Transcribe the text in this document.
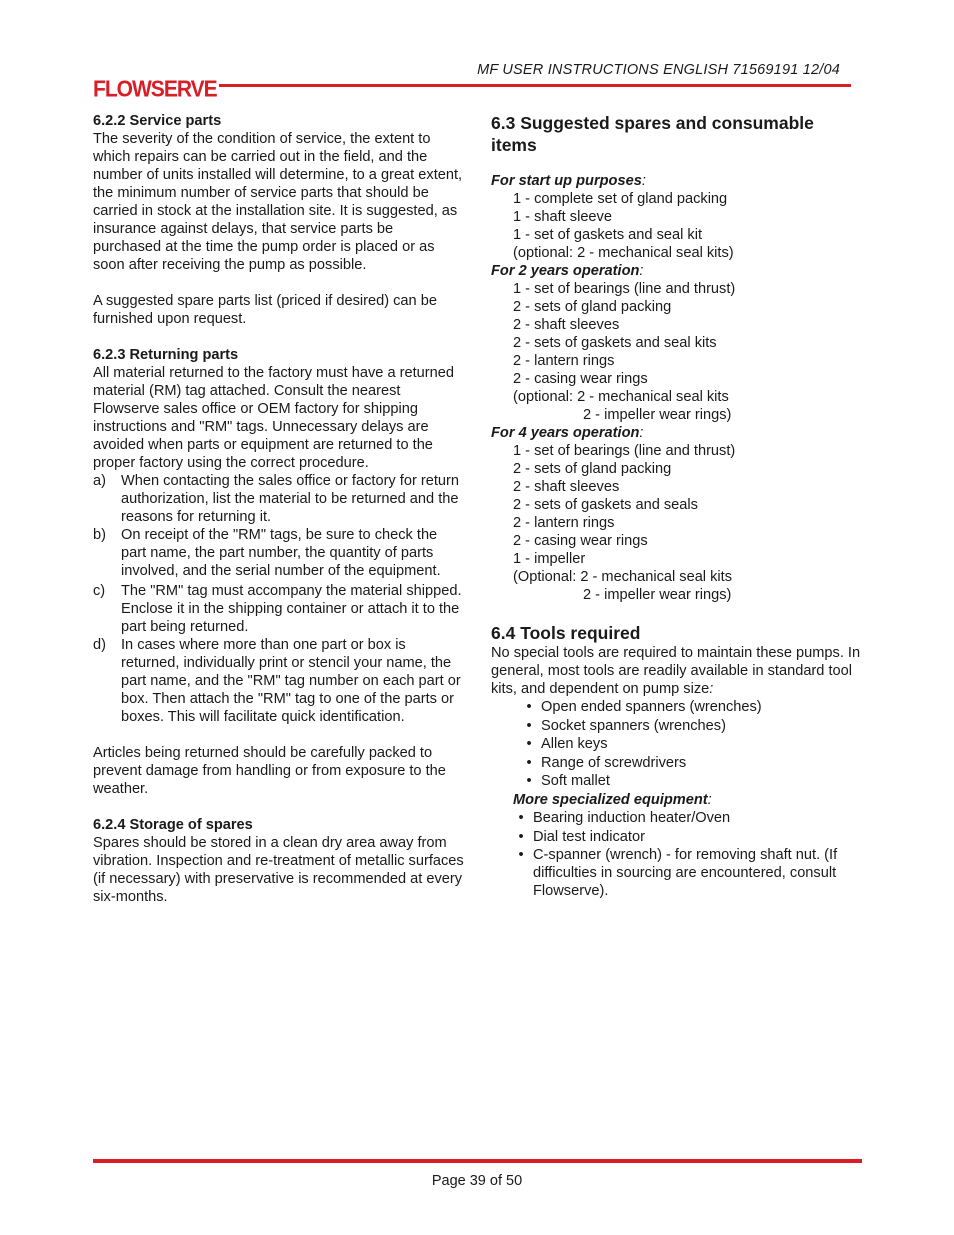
MF USER INSTRUCTIONS ENGLISH 71569191 12/04
FLOWSERVE

6.2.2 Service parts

The severity of the condition of service, the extent to which repairs can be carried out in the field, and the number of units installed will determine, to a great extent, the minimum number of service parts that should be carried in stock at the installation site. It is suggested, as insurance against delays, that service parts be purchased at the time the pump order is placed or as soon after receiving the pump as possible.

A suggested spare parts list (priced if desired) can be furnished upon request.

6.2.3 Returning parts

All material returned to the factory must have a returned material (RM) tag attached. Consult the nearest Flowserve sales office or OEM factory for shipping instructions and "RM" tags. Unnecessary delays are avoided when parts or equipment are returned to the proper factory using the correct procedure.

a)	When contacting the sales office or factory for return authorization, list the material to be returned and the reasons for returning it.
b)	On receipt of the "RM" tags, be sure to check the part name, the part number, the quantity of parts involved, and the serial number of the equipment.
c)	The "RM" tag must accompany the material shipped. Enclose it in the shipping container or attach it to the part being returned.
d)	In cases where more than one part or box is returned, individually print or stencil your name, the part name, and the "RM" tag number on each part or box. Then attach the "RM" tag to one of the parts or boxes. This will facilitate quick identification.

Articles being returned should be carefully packed to prevent damage from handling or from exposure to the weather.

6.2.4 Storage of spares

Spares should be stored in a clean dry area away from vibration. Inspection and re-treatment of metallic surfaces (if necessary) with preservative is recommended at every six-months.

6.3 Suggested spares and consumable items

For start up purposes:

1 - complete set of gland packing

1 - shaft sleeve

1 - set of gaskets and seal kit

(optional: 2 - mechanical seal kits)

For 2 years operation:

1 - set of bearings (line and thrust)

2 - sets of gland packing

2 - shaft sleeves

2 - sets of gaskets and seal kits

2 - lantern rings

2 - casing wear rings

(optional: 2 - mechanical seal kits

2 - impeller wear rings)

For 4 years operation:

1 - set of bearings (line and thrust)

2 - sets of gland packing

2 - shaft sleeves

2 - sets of gaskets and seals

2 - lantern rings

2 - casing wear rings

1 - impeller

(Optional: 2 - mechanical seal kits

2 - impeller wear rings)

6.4 Tools required

No special tools are required to maintain these pumps. In general, most tools are readily available in standard tool kits, and dependent on pump size:

• Open ended spanners (wrenches)
• Socket spanners (wrenches)
• Allen keys
• Range of screwdrivers
• Soft mallet

More specialized equipment:

• Bearing induction heater/Oven
• Dial test indicator
• C-spanner (wrench) - for removing shaft nut. (If difficulties in sourcing are encountered, consult Flowserve).
Page 39 of 50
